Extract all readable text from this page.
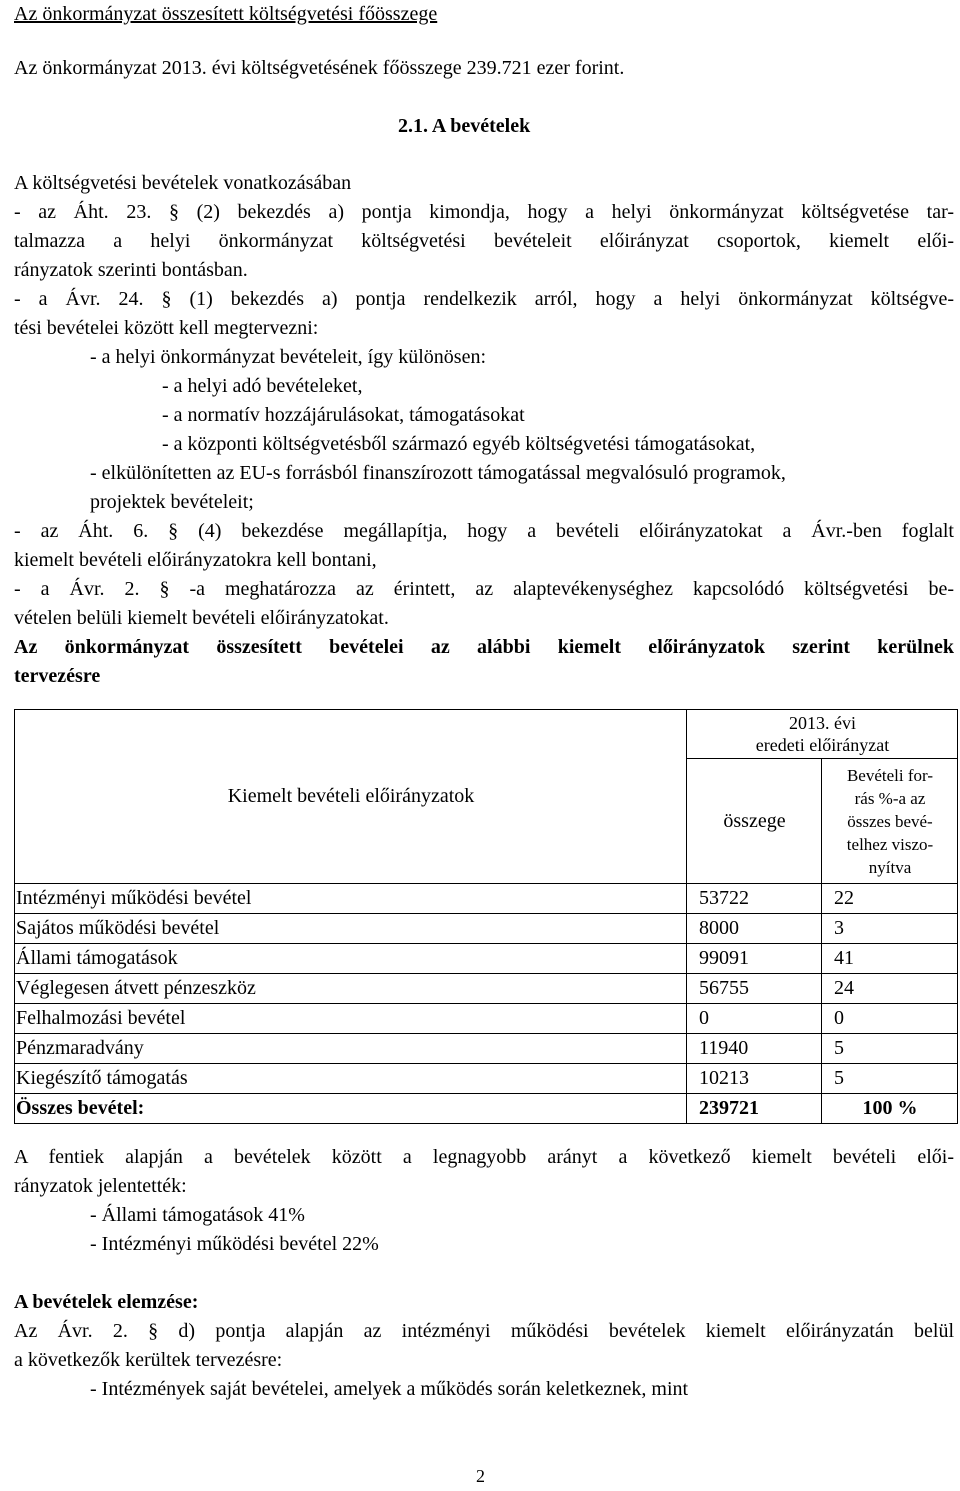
Az önkormányzat összesített költségvetési főösszege
Az önkormányzat 2013. évi költségvetésének főösszege 239.721 ezer forint.
2.1. A bevételek
A költségvetési bevételek vonatkozásában
- az Áht. 23. § (2) bekezdés a) pontja kimondja, hogy a helyi önkormányzat költségvetése tar-
talmazza a helyi önkormányzat költségvetési bevételeit előirányzat csoportok, kiemelt elői-
rányzatok szerinti bontásban.
- a Ávr. 24. § (1) bekezdés a) pontja rendelkezik arról, hogy a helyi önkormányzat költségve-
tési bevételei között kell megtervezni:
- a helyi önkormányzat bevételeit, így különösen:
- a helyi adó bevételeket,
- a normatív hozzájárulásokat, támogatásokat
- a központi költségvetésből származó egyéb költségvetési támogatásokat,
- elkülönítetten az EU-s forrásból finanszírozott támogatással megvalósuló programok,
projektek bevételeit;
- az Áht. 6. § (4) bekezdése megállapítja, hogy a bevételi előirányzatokat a Ávr.-ben foglalt
kiemelt bevételi előirányzatokra kell bontani,
- a Ávr. 2. § -a meghatározza az érintett, az alaptevékenységhez kapcsolódó költségvetési be-
vételen belüli kiemelt bevételi előirányzatokat.
Az önkormányzat összesített bevételei az alábbi kiemelt előirányzatok szerint kerülnek
tervezésre
Kiemelt bevételi előirányzatok	2013. évi
eredeti előirányzat	

	összege	Bevételi for-
rás %-a az
összes bevé-
telhez viszo-
nyítva

Intézményi működési bevétel	53722	22
Sajátos működési bevétel	8000	3
Állami támogatások	99091	41
Véglegesen átvett pénzeszköz	56755	24
Felhalmozási bevétel	0	0
Pénzmaradvány	11940	5
Kiegészítő támogatás	10213	5
Összes bevétel:	239721	100 %
A fentiek alapján a bevételek között a legnagyobb arányt a következő kiemelt bevételi elői-
rányzatok jelentették:
- Állami támogatások 41%
- Intézményi működési bevétel 22%
A bevételek elemzése:
Az Ávr. 2. § d) pontja alapján az intézményi működési bevételek kiemelt előirányzatán belül
a következők kerültek tervezésre:
- Intézmények saját bevételei, amelyek a működés során keletkeznek, mint
2
